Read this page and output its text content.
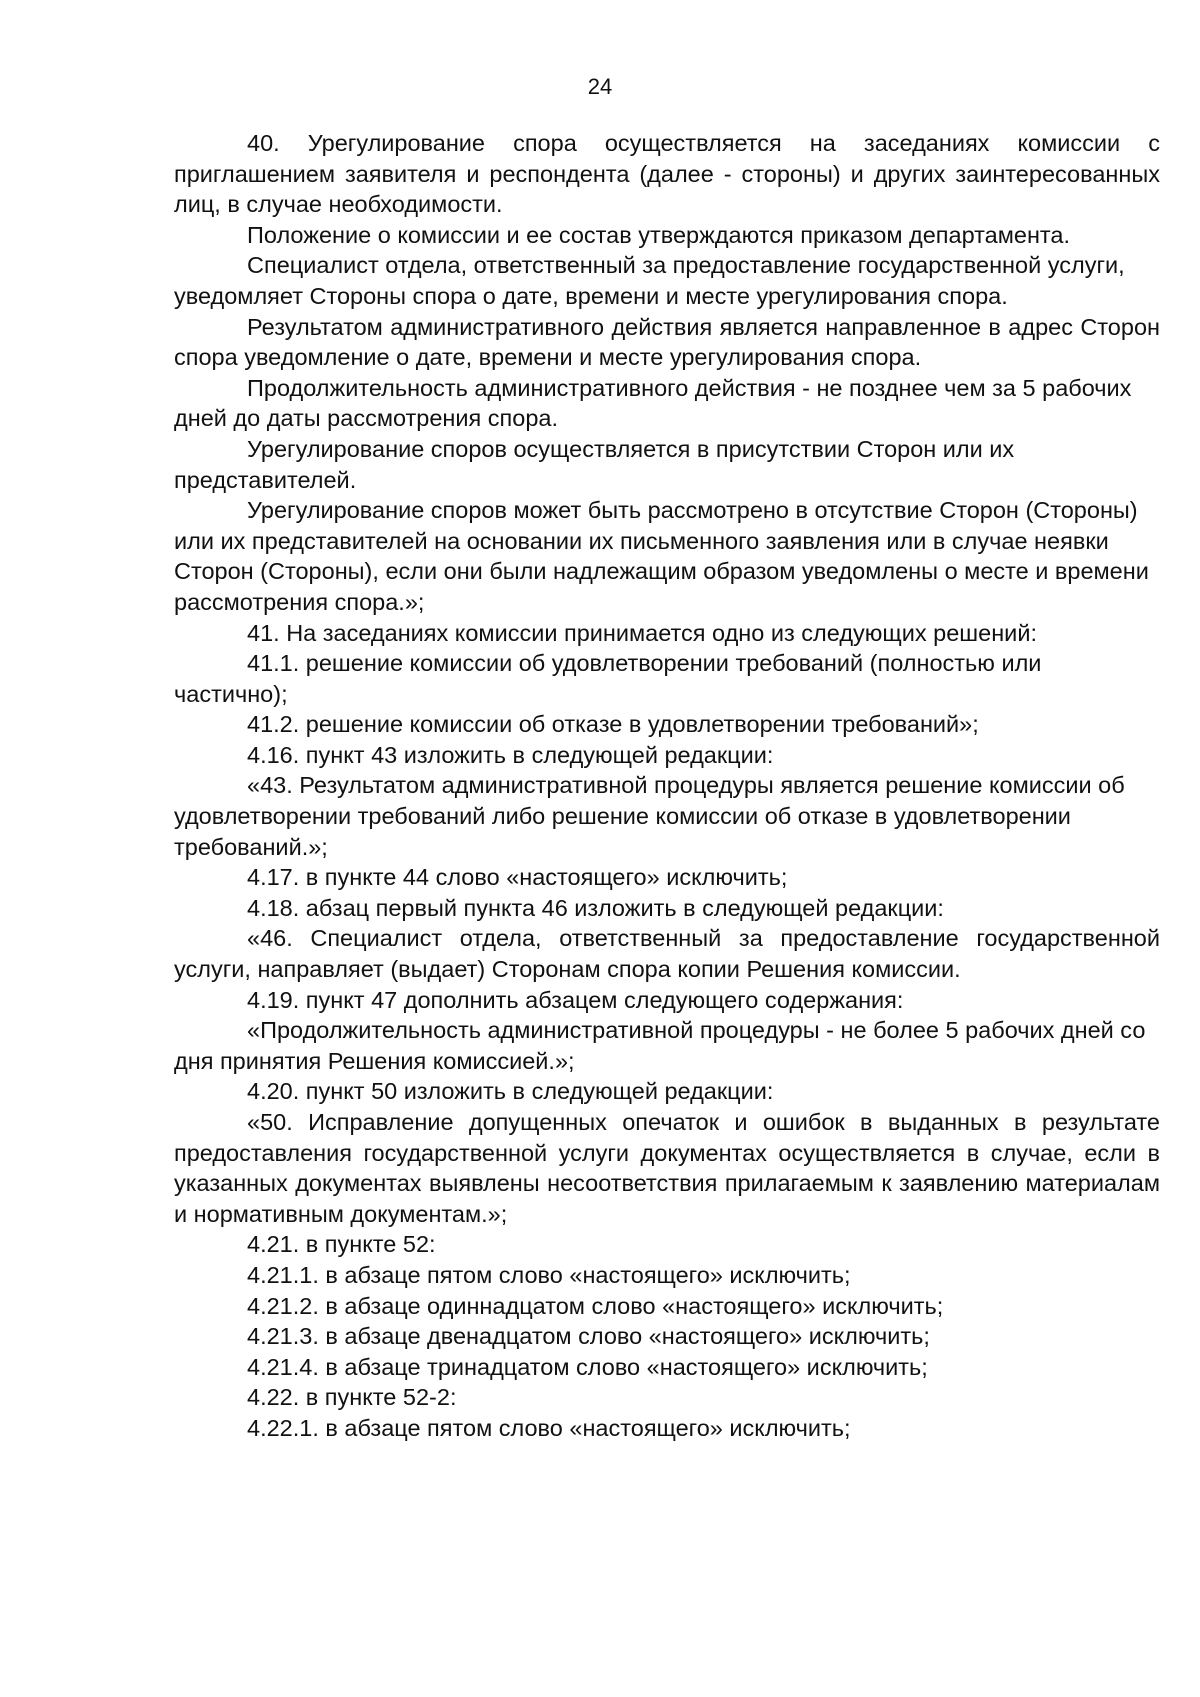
24

40. Урегулирование спора осуществляется на заседаниях комиссии с приглашением заявителя и респондента (далее - стороны) и других заинтересованных лиц, в случае необходимости.

Положение о комиссии и ее состав утверждаются приказом департамента.

Специалист отдела, ответственный за предоставление государственной услуги, уведомляет Стороны спора о дате, времени и месте урегулирования спора.

Результатом административного действия является направленное в адрес Сторон спора уведомление о дате, времени и месте урегулирования спора.

Продолжительность административного действия - не позднее чем за 5 рабочих дней до даты рассмотрения спора.

Урегулирование споров осуществляется в присутствии Сторон или их представителей.

Урегулирование споров может быть рассмотрено в отсутствие Сторон (Стороны) или их представителей на основании их письменного заявления или в случае неявки Сторон (Стороны), если они были надлежащим образом уведомлены о месте и времени рассмотрения спора.»;

41. На заседаниях комиссии принимается одно из следующих решений:

41.1. решение комиссии об удовлетворении требований (полностью или частично);

41.2. решение комиссии об отказе в удовлетворении требований»;

4.16. пункт 43 изложить в следующей редакции:

«43. Результатом административной процедуры является решение комиссии об удовлетворении требований либо решение комиссии об отказе в удовлетворении требований.»;

4.17. в пункте 44 слово «настоящего» исключить;

4.18. абзац первый пункта 46 изложить в следующей редакции:

«46. Специалист отдела, ответственный за предоставление государственной услуги, направляет (выдает) Сторонам спора копии Решения комиссии.

4.19. пункт 47 дополнить абзацем следующего содержания:

«Продолжительность административной процедуры - не более 5 рабочих дней со дня принятия Решения комиссией.»;

4.20. пункт 50 изложить в следующей редакции:

«50. Исправление допущенных опечаток и ошибок в выданных в результате предоставления государственной услуги документах осуществляется в случае, если в указанных документах выявлены несоответствия прилагаемым к заявлению материалам и нормативным документам.»;

4.21. в пункте 52:

4.21.1. в абзаце пятом слово «настоящего» исключить;

4.21.2. в абзаце одиннадцатом слово «настоящего» исключить;

4.21.3. в абзаце двенадцатом слово «настоящего» исключить;

4.21.4. в абзаце тринадцатом слово «настоящего» исключить;

4.22. в пункте 52-2:

4.22.1. в абзаце пятом слово «настоящего» исключить;
